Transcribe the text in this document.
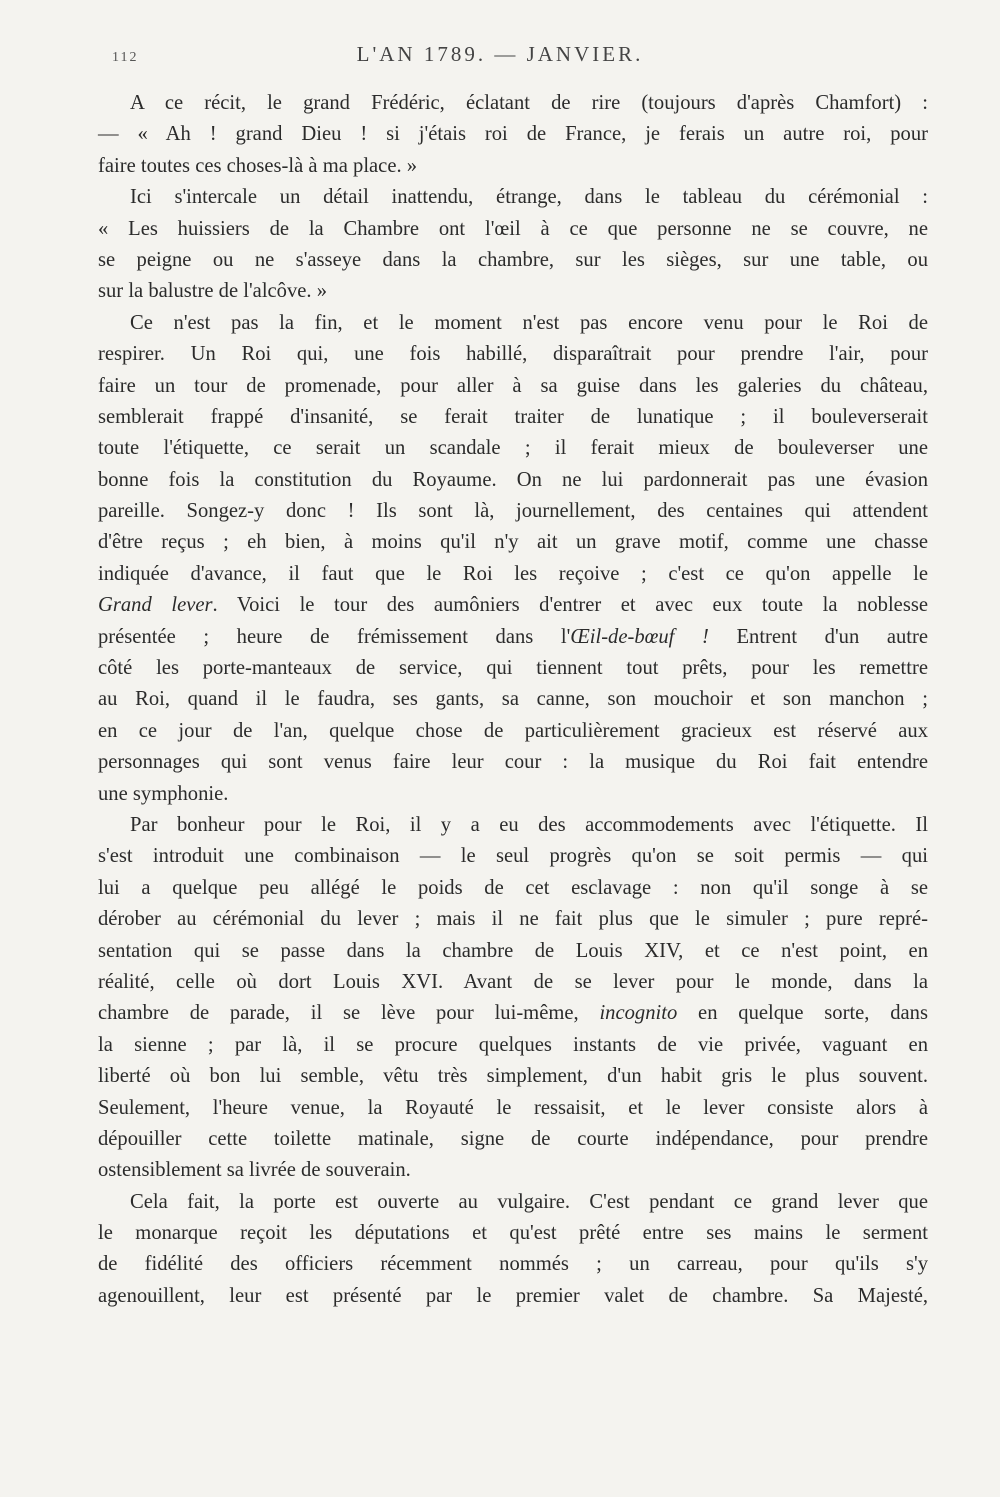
112	L'AN 1789. — JANVIER.
A ce récit, le grand Frédéric, éclatant de rire (toujours d'après Chamfort) :
— « Ah ! grand Dieu ! si j'étais roi de France, je ferais un autre roi, pour
faire toutes ces choses-là à ma place. »
Ici s'intercale un détail inattendu, étrange, dans le tableau du cérémonial :
« Les huissiers de la Chambre ont l'œil à ce que personne ne se couvre, ne
se peigne ou ne s'asseye dans la chambre, sur les sièges, sur une table, ou
sur la balustre de l'alcôve. »
Ce n'est pas la fin, et le moment n'est pas encore venu pour le Roi de
respirer. Un Roi qui, une fois habillé, disparaîtrait pour prendre l'air, pour
faire un tour de promenade, pour aller à sa guise dans les galeries du château,
semblerait frappé d'insanité, se ferait traiter de lunatique ; il bouleverserait
toute l'étiquette, ce serait un scandale ; il ferait mieux de bouleverser une
bonne fois la constitution du Royaume. On ne lui pardonnerait pas une évasion
pareille. Songez-y donc ! Ils sont là, journellement, des centaines qui attendent
d'être reçus ; eh bien, à moins qu'il n'y ait un grave motif, comme une chasse
indiquée d'avance, il faut que le Roi les reçoive ; c'est ce qu'on appelle le
Grand lever. Voici le tour des aumôniers d'entrer et avec eux toute la noblesse
présentée ; heure de frémissement dans l'Œil-de-bœuf ! Entrent d'un autre
côté les porte-manteaux de service, qui tiennent tout prêts, pour les remettre
au Roi, quand il le faudra, ses gants, sa canne, son mouchoir et son manchon ;
en ce jour de l'an, quelque chose de particulièrement gracieux est réservé aux
personnages qui sont venus faire leur cour : la musique du Roi fait entendre
une symphonie.
Par bonheur pour le Roi, il y a eu des accommodements avec l'étiquette. Il
s'est introduit une combinaison — le seul progrès qu'on se soit permis — qui
lui a quelque peu allégé le poids de cet esclavage : non qu'il songe à se
dérober au cérémonial du lever ; mais il ne fait plus que le simuler ; pure repré-
sentation qui se passe dans la chambre de Louis XIV, et ce n'est point, en
réalité, celle où dort Louis XVI. Avant de se lever pour le monde, dans la
chambre de parade, il se lève pour lui-même, incognito en quelque sorte, dans
la sienne ; par là, il se procure quelques instants de vie privée, vaguant en
liberté où bon lui semble, vêtu très simplement, d'un habit gris le plus souvent.
Seulement, l'heure venue, la Royauté le ressaisit, et le lever consiste alors à
dépouiller cette toilette matinale, signe de courte indépendance, pour prendre
ostensiblement sa livrée de souverain.
Cela fait, la porte est ouverte au vulgaire. C'est pendant ce grand lever que
le monarque reçoit les députations et qu'est prêté entre ses mains le serment
de fidélité des officiers récemment nommés ; un carreau, pour qu'ils s'y
agenouillent, leur est présenté par le premier valet de chambre. Sa Majesté,
